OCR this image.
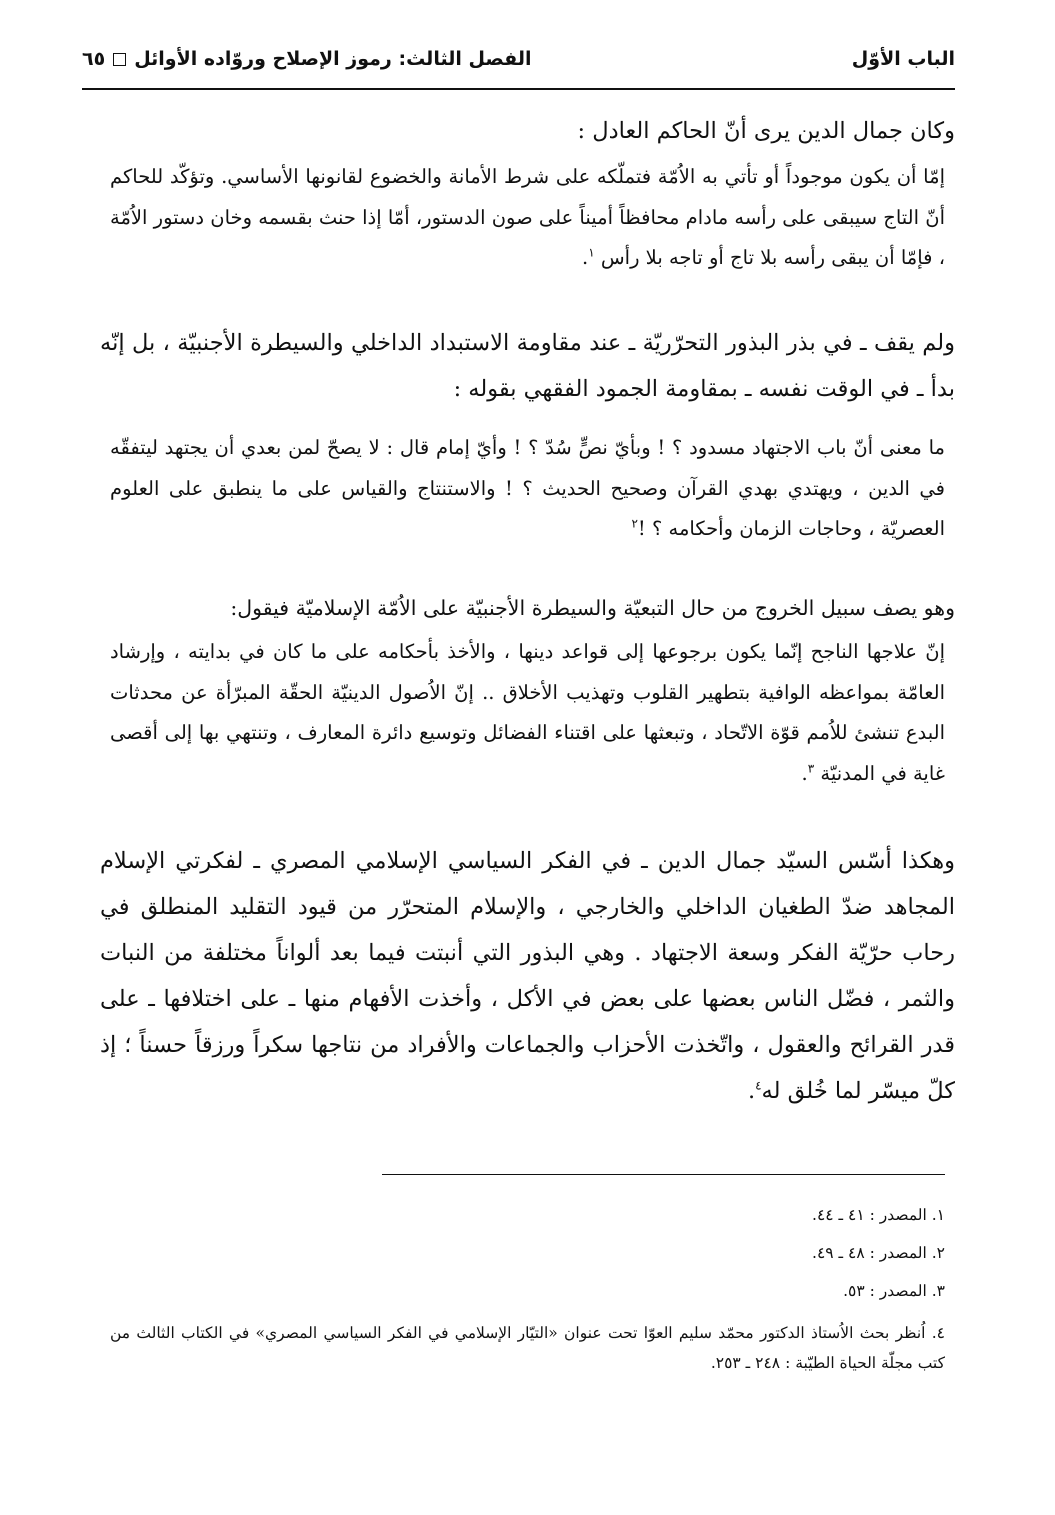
الباب الأوّل
الفصل الثالث: رموز الإصلاح وروّاده الأوائل
٦٥

وكان جمال الدين يرى أنّ الحاكم العادل :

إمّا أن يكون موجوداً أو تأتي به الاُمّة فتملّكه على شرط الأمانة والخضوع لقانونها الأساسي. وتؤكّد للحاكم أنّ التاج سيبقى على رأسه مادام محافظاً أميناً على صون الدستور، أمّا إذا حنث بقسمه وخان دستور الاُمّة ، فإمّا أن يبقى رأسه بلا تاج أو تاجه بلا رأس $^١$.

ولم يقف ـ في بذر البذور التحرّريّة ـ عند مقاومة الاستبداد الداخلي والسيطرة الأجنبيّة ، بل إنّه بدأ ـ في الوقت نفسه ـ بمقاومة الجمود الفقهي بقوله :

ما معنى أنّ باب الاجتهاد مسدود ؟ ! وبأيّ نصٍّ سُدّ ؟ ! وأيّ إمام قال : لا يصحّ لمن بعدي أن يجتهد ليتفقّه في الدين ، ويهتدي بهدي القرآن وصحيح الحديث ؟ ! والاستنتاج والقياس على ما ينطبق على العلوم العصريّة ، وحاجات الزمان وأحكامه ؟ !$^٢$

وهو يصف سبيل الخروج من حال التبعيّة والسيطرة الأجنبيّة على الاُمّة الإسلاميّة فيقول:

إنّ علاجها الناجح إنّما يكون برجوعها إلى قواعد دينها ، والأخذ بأحكامه على ما كان في بدايته ، وإرشاد العامّة بمواعظه الوافية بتطهير القلوب وتهذيب الأخلاق .. إنّ الاُصول الدينيّة الحقّة المبرّأة عن محدثات البدع تنشئ للاُمم قوّة الاتّحاد ، وتبعثها على اقتناء الفضائل وتوسيع دائرة المعارف ، وتنتهي بها إلى أقصى غاية في المدنيّة $^٣$.

وهكذا أسّس السيّد جمال الدين ـ في الفكر السياسي الإسلامي المصري ـ لفكرتي الإسلام المجاهد ضدّ الطغيان الداخلي والخارجي ، والإسلام المتحرّر من قيود التقليد المنطلق في رحاب حرّيّة الفكر وسعة الاجتهاد . وهي البذور التي أنبتت فيما بعد ألواناً مختلفة من النبات والثمر ، فضّل الناس بعضها على بعض في الأكل ، وأخذت الأفهام منها ـ على اختلافها ـ على قدر القرائح والعقول ، واتّخذت الأحزاب والجماعات والأفراد من نتاجها سكراً ورزقاً حسناً ؛ إذ كلّ ميسّر لما خُلق له$^٤$.

١. المصدر : ٤١ ـ ٤٤.

٢. المصدر : ٤٨ ـ ٤٩.

٣. المصدر : ٥٣.

٤. اُنظر بحث الاُستاذ الدكتور محمّد سليم العوّا تحت عنوان «التيّار الإسلامي في الفكر السياسي المصري» في الكتاب الثالث من كتب مجلّة الحياة الطيّبة : ٢٤٨ ـ ٢٥٣.
